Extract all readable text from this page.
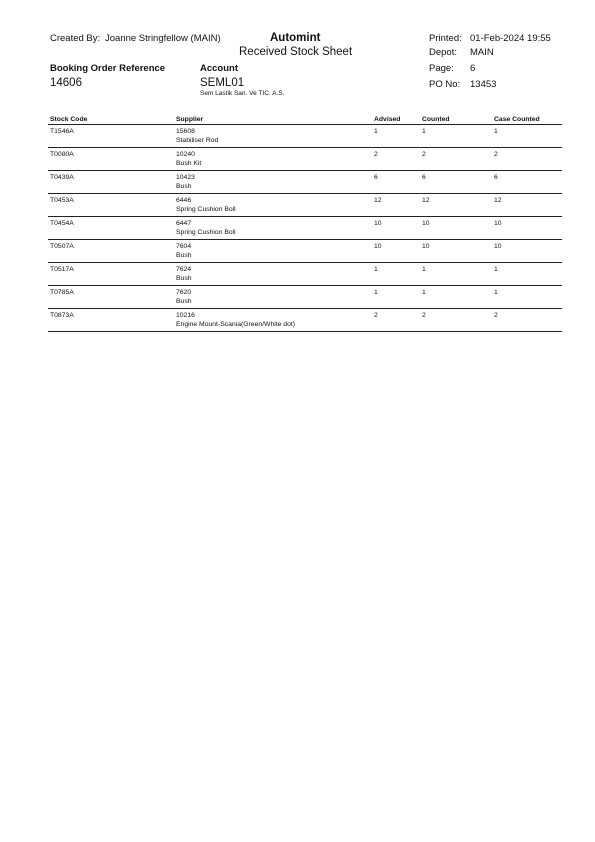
Created By: Joanne Stringfellow (MAIN)	Automint
Received Stock Sheet
Printed: 01-Feb-2024 19:55
Depot: MAIN
Booking Order Reference	Account	Page: 6
14606	SEML01	PO No: 13453
Sem Lastik San. Ve TIC. A.S.
Stock Code	Supplier	Advised	Counted	Case Counted
T1546A	15608
Stabiliser Rod	1	1	1
T0080A	10240
Bush Kit	2	2	2
T0439A	10423
Bush	6	6	6
T0453A	6446
Spring Cushion Boll	12	12	12
T0454A	6447
Spring Cushion Boll	10	10	10
T0507A	7604
Bush	10	10	10
T0517A	7624
Bush	1	1	1
T0785A	7620
Bush	1	1	1
T0873A	10216
Engine Mount-Scania(Green/White dot)	2	2	2
